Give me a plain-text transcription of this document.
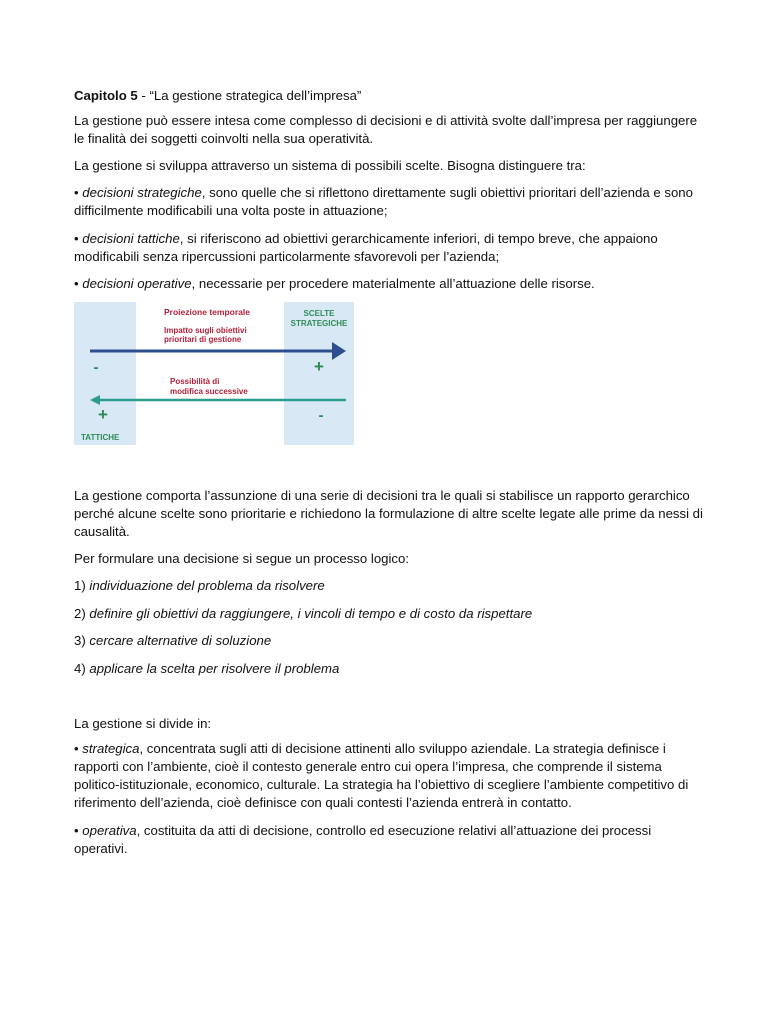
Capitolo 5 - “La gestione strategica dell’impresa”

La gestione può essere intesa come complesso di decisioni e di attività svolte dall’impresa per raggiungere le finalità dei soggetti coinvolti nella sua operatività.

La gestione si sviluppa attraverso un sistema di possibili scelte. Bisogna distinguere tra:

• decisioni strategiche, sono quelle che si riflettono direttamente sugli obiettivi prioritari dell’azienda e sono difficilmente modificabili una volta poste in attuazione;

• decisioni tattiche, si riferiscono ad obiettivi gerarchicamente inferiori, di tempo breve, che appaiono modificabili senza ripercussioni particolarmente sfavorevoli per l’azienda;

• decisioni operative, necessarie per procedere materialmente all’attuazione delle risorse.

La gestione comporta l’assunzione di una serie di decisioni tra le quali si stabilisce un rapporto gerarchico perché alcune scelte sono prioritarie e richiedono la formulazione di altre scelte legate alle prime da nessi di causalità.

Per formulare una decisione si segue un processo logico:

1) individuazione del problema da risolvere

2) definire gli obiettivi da raggiungere, i vincoli di tempo e di costo da rispettare

3) cercare alternative di soluzione

4) applicare la scelta per risolvere il problema

La gestione si divide in:

• strategica, concentrata sugli atti di decisione attinenti allo sviluppo aziendale. La strategia definisce i rapporti con l’ambiente, cioè il contesto generale entro cui opera l’impresa, che comprende il sistema politico-istituzionale, economico, culturale. La strategia ha l’obiettivo di scegliere l’ambiente competitivo di riferimento dell’azienda, cioè definisce con quali contesti l’azienda entrerà in contatto.

• operativa, costituita da atti di decisione, controllo ed esecuzione relativi all’attuazione dei processi operativi.

Proiezione temporale
Impatto sugli obiettivi
prioritari di gestione
SCELTE
STRATEGICHE
-	+
Possibilità di
modifica successive
+	-
TATTICHE
